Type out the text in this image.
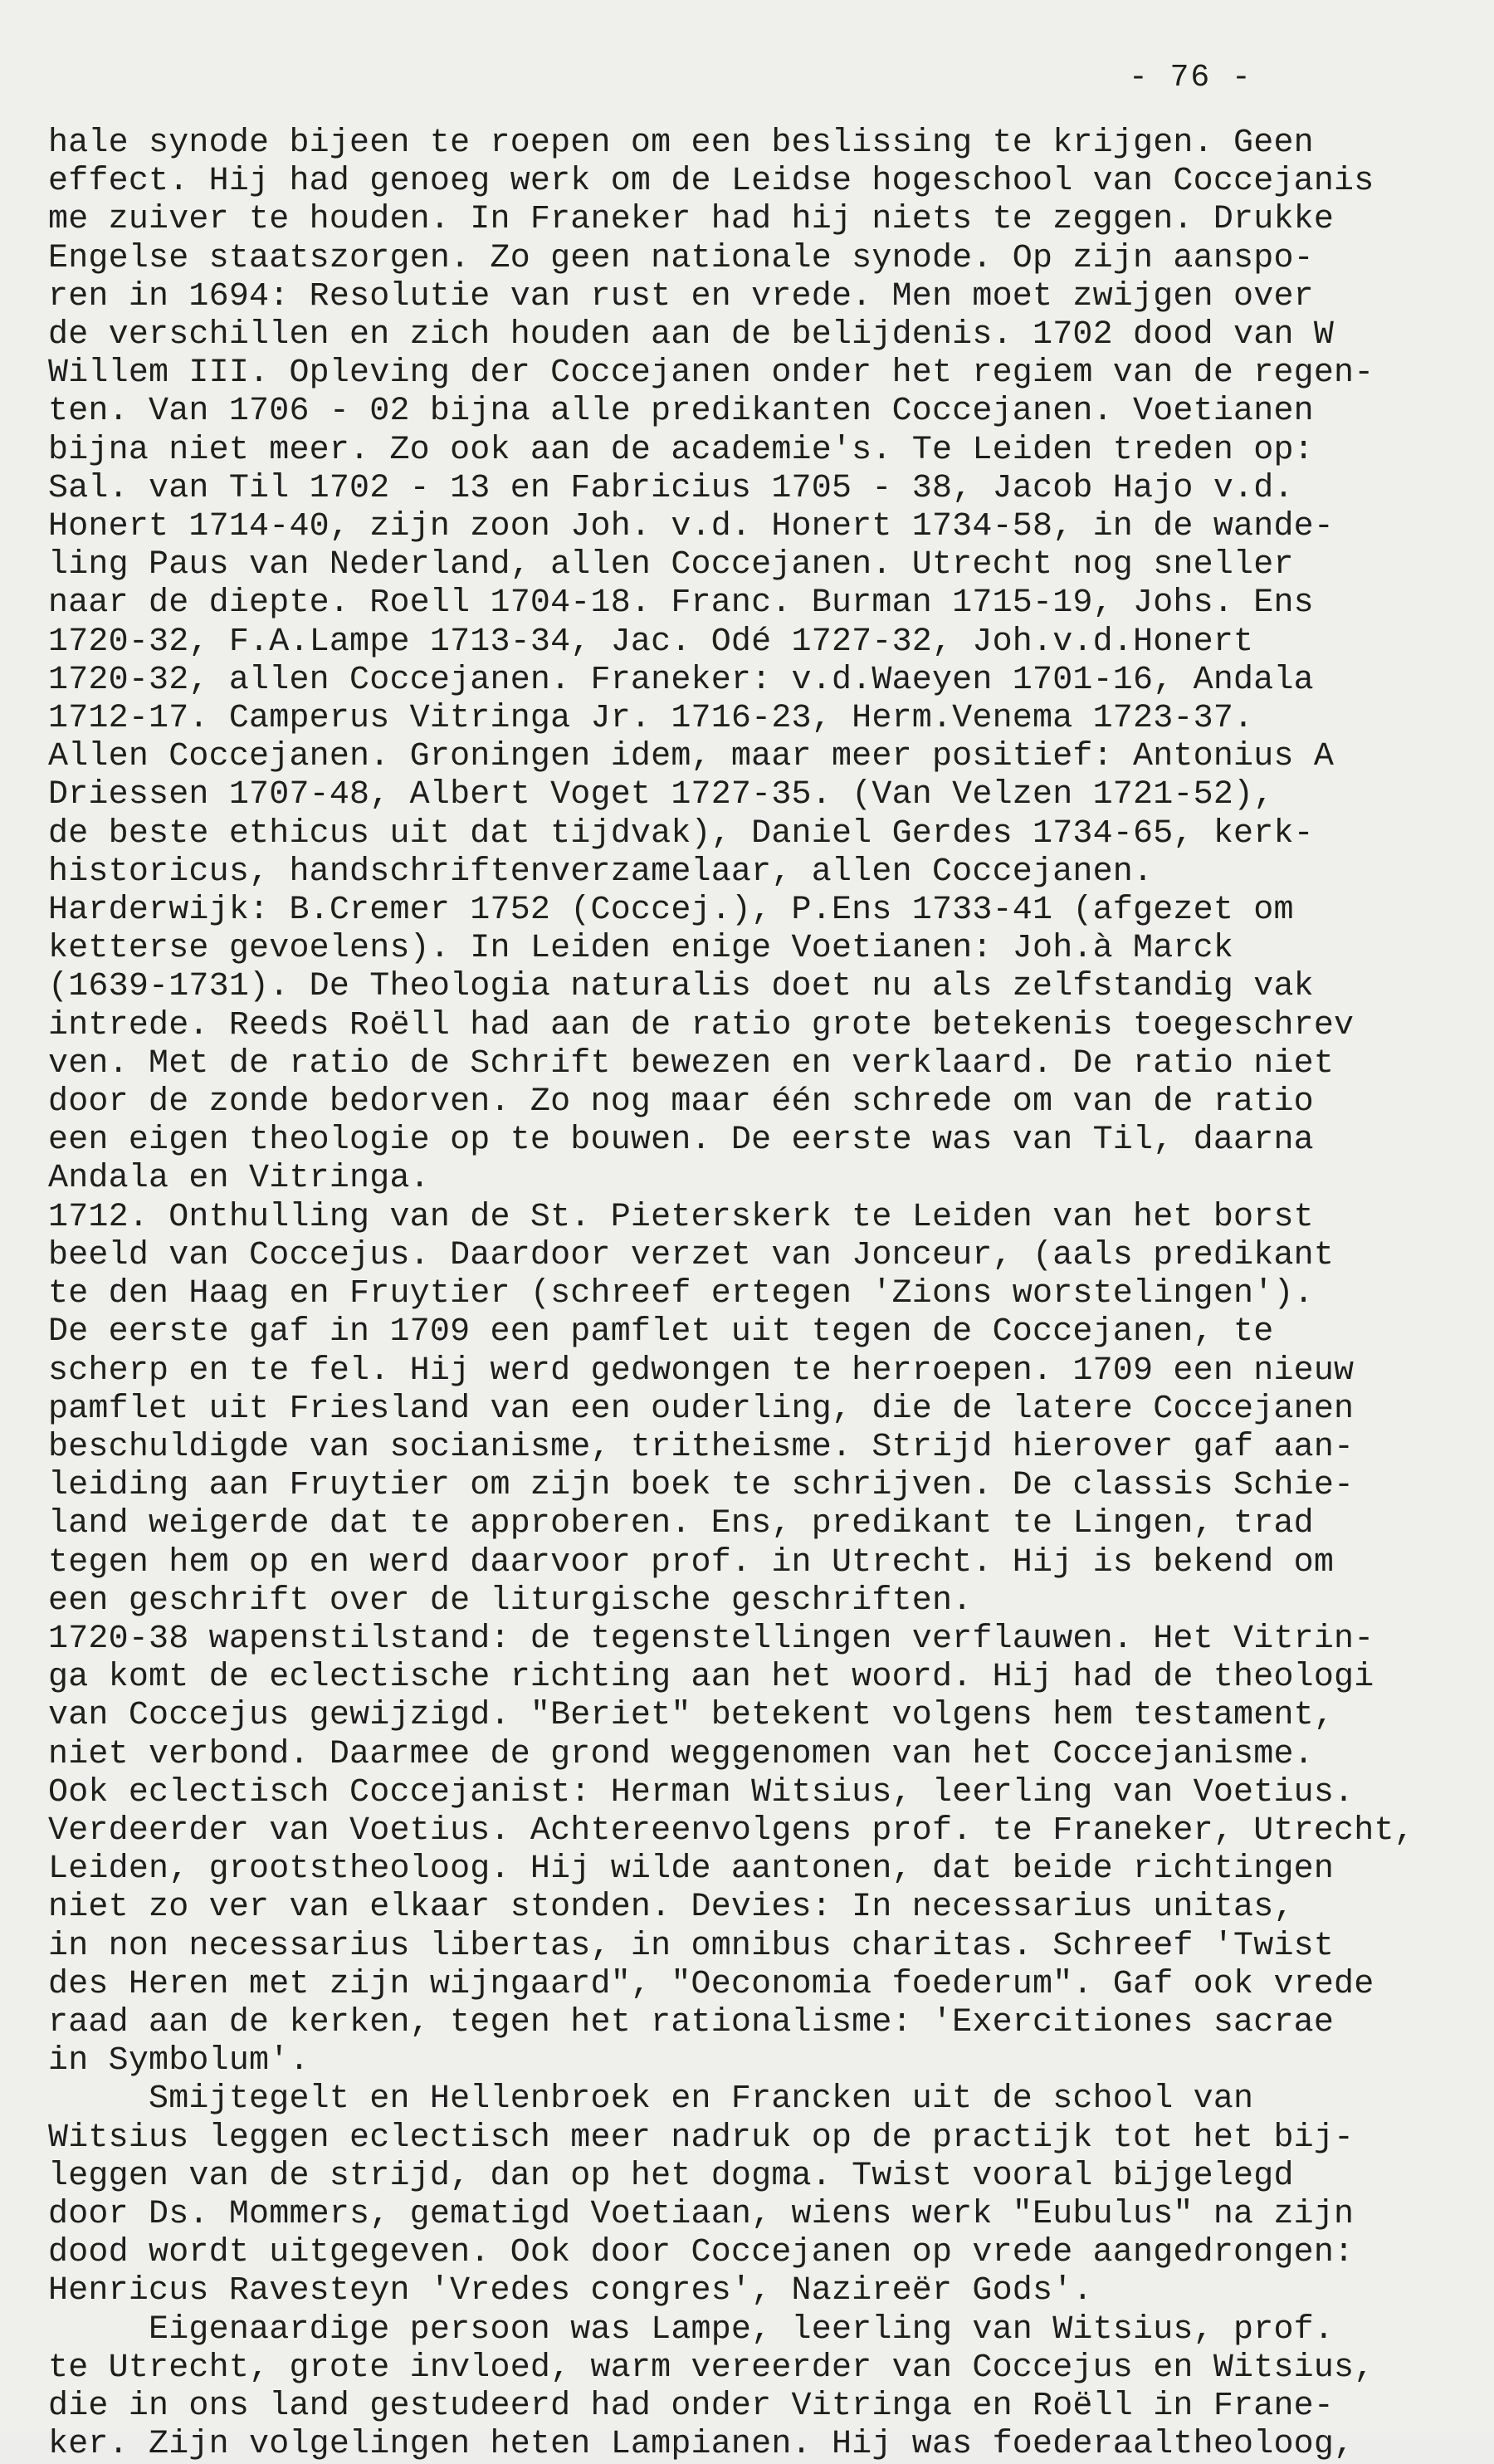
- 76 -
hale synode bijeen te roepen om een beslissing te krijgen. Geen
effect. Hij had genoeg werk om de Leidse hogeschool van Coccejanis
me zuiver te houden. In Franeker had hij niets te zeggen. Drukke
Engelse staatszorgen. Zo geen nationale synode. Op zijn aanspo-
ren in 1694: Resolutie van rust en vrede. Men moet zwijgen over
de verschillen en zich houden aan de belijdenis. 1702 dood van W
Willem III. Opleving der Coccejanen onder het regiem van de regen-
ten. Van 1706 - 02 bijna alle predikanten Coccejanen. Voetianen
bijna niet meer. Zo ook aan de academie's. Te Leiden treden op:
Sal. van Til 1702 - 13 en Fabricius 1705 - 38, Jacob Hajo v.d.
Honert 1714-40, zijn zoon Joh. v.d. Honert 1734-58, in de wande-
ling Paus van Nederland, allen Coccejanen. Utrecht nog sneller
naar de diepte. Roell 1704-18. Franc. Burman 1715-19, Johs. Ens
1720-32, F.A.Lampe 1713-34, Jac. Odé 1727-32, Joh.v.d.Honert
1720-32, allen Coccejanen. Franeker: v.d.Waeyen 1701-16, Andala
1712-17. Camperus Vitringa Jr. 1716-23, Herm.Venema 1723-37.
Allen Coccejanen. Groningen idem, maar meer positief: Antonius A
Driessen 1707-48, Albert Voget 1727-35. (Van Velzen 1721-52),
de beste ethicus uit dat tijdvak), Daniel Gerdes 1734-65, kerk-
historicus, handschriftenverzamelaar, allen Coccejanen.
Harderwijk: B.Cremer 1752 (Coccej.), P.Ens 1733-41 (afgezet om
ketterse gevoelens). In Leiden enige Voetianen: Joh.à Marck
(1639-1731). De Theologia naturalis doet nu als zelfstandig vak
intrede. Reeds Roëll had aan de ratio grote betekenis toegeschrev
ven. Met de ratio de Schrift bewezen en verklaard. De ratio niet
door de zonde bedorven. Zo nog maar één schrede om van de ratio
een eigen theologie op te bouwen. De eerste was van Til, daarna
Andala en Vitringa.
1712. Onthulling van de St. Pieterskerk te Leiden van het borst
beeld van Coccejus. Daardoor verzet van Jonceur, (aals predikant
te den Haag en Fruytier (schreef ertegen 'Zions worstelingen').
De eerste gaf in 1709 een pamflet uit tegen de Coccejanen, te
scherp en te fel. Hij werd gedwongen te herroepen. 1709 een nieuw
pamflet uit Friesland van een ouderling, die de latere Coccejanen
beschuldigde van socianisme, tritheisme. Strijd hierover gaf aan-
leiding aan Fruytier om zijn boek te schrijven. De classis Schie-
land weigerde dat te approberen. Ens, predikant te Lingen, trad
tegen hem op en werd daarvoor prof. in Utrecht. Hij is bekend om
een geschrift over de liturgische geschriften.
1720-38 wapenstilstand: de tegenstellingen verflauwen. Het Vitrin-
ga komt de eclectische richting aan het woord. Hij had de theologi
van Coccejus gewijzigd. "Beriet" betekent volgens hem testament,
niet verbond. Daarmee de grond weggenomen van het Coccejanisme.
Ook eclectisch Coccejanist: Herman Witsius, leerling van Voetius.
Verdeerder van Voetius. Achtereenvolgens prof. te Franeker, Utrecht,
Leiden, grootstheoloog. Hij wilde aantonen, dat beide richtingen
niet zo ver van elkaar stonden. Devies: In necessarius unitas,
in non necessarius libertas, in omnibus charitas. Schreef 'Twist
des Heren met zijn wijngaard", "Oeconomia foederum". Gaf ook vrede
raad aan de kerken, tegen het rationalisme: 'Exercitiones sacrae
in Symbolum'.
Smijtegelt en Hellenbroek en Francken uit de school van
Witsius leggen eclectisch meer nadruk op de practijk tot het bij-
leggen van de strijd, dan op het dogma. Twist vooral bijgelegd
door Ds. Mommers, gematigd Voetiaan, wiens werk "Eubulus" na zijn
dood wordt uitgegeven. Ook door Coccejanen op vrede aangedrongen:
Henricus Ravesteyn 'Vredes congres', Nazireër Gods'.
Eigenaardige persoon was Lampe, leerling van Witsius, prof.
te Utrecht, grote invloed, warm vereerder van Coccejus en Witsius,
die in ons land gestudeerd had onder Vitringa en Roëll in Frane-
ker. Zijn volgelingen heten Lampianen. Hij was foederaaltheoloog,
